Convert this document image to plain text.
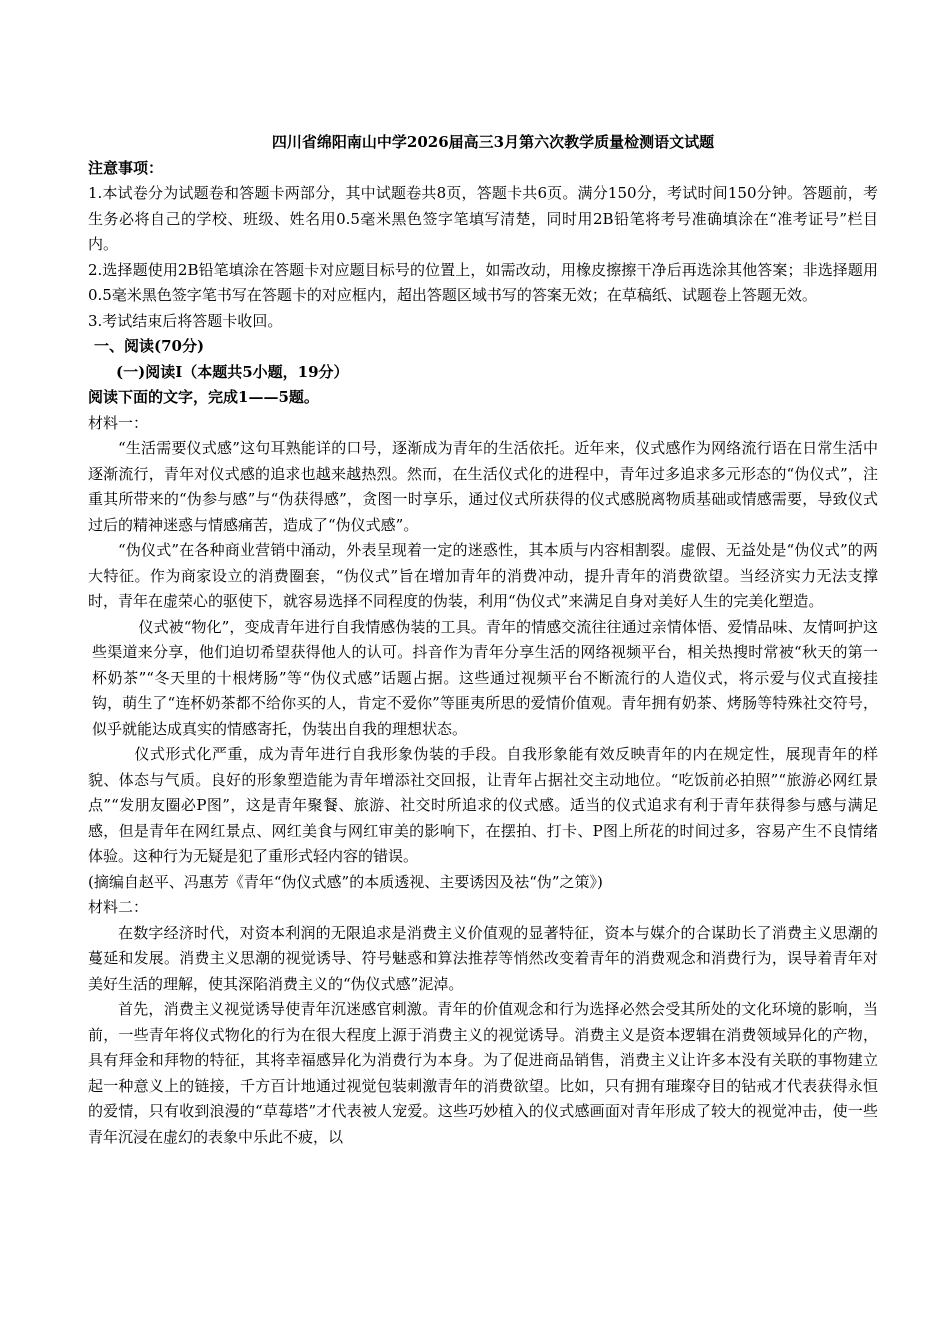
四川省绵阳南山中学2026届高三3月第六次教学质量检测语文试题

注意事项：

1.本试卷分为试题卷和答题卡两部分，其中试题卷共8页，答题卡共6页。满分150分，考试时间150分钟。答题前，考生务必将自己的学校、班级、姓名用0.5毫米黑色签字笔填写清楚，同时用2B铅笔将考号准确填涂在“准考证号”栏目内。

2.选择题使用2B铅笔填涂在答题卡对应题目标号的位置上，如需改动，用橡皮擦擦干净后再选涂其他答案；非选择题用0.5毫米黑色签字笔书写在答题卡的对应框内，超出答题区域书写的答案无效；在草稿纸、试题卷上答题无效。

3.考试结束后将答题卡收回。

一、阅读(70分)

(一)阅读Ⅰ（本题共5小题，19分）

阅读下面的文字，完成1——5题。

材料一：

“生活需要仪式感”这句耳熟能详的口号，逐渐成为青年的生活依托。近年来，仪式感作为网络流行语在日常生活中逐渐流行，青年对仪式感的追求也越来越热烈。然而，在生活仪式化的进程中，青年过多追求多元形态的“伪仪式”，注重其所带来的“伪参与感”与“伪获得感”，贪图一时享乐，通过仪式所获得的仪式感脱离物质基础或情感需要，导致仪式过后的精神迷惑与情感痛苦，造成了“伪仪式感”。

“伪仪式”在各种商业营销中涌动，外表呈现着一定的迷惑性，其本质与内容相割裂。虚假、无益处是“伪仪式”的两大特征。作为商家设立的消费圈套，“伪仪式”旨在增加青年的消费冲动，提升青年的消费欲望。当经济实力无法支撑时，青年在虚荣心的驱使下，就容易选择不同程度的伪装，利用“伪仪式”来满足自身对美好人生的完美化塑造。

仪式被“物化”，变成青年进行自我情感伪装的工具。青年的情感交流往往通过亲情体悟、爱情品味、友情呵护这些渠道来分享，他们迫切希望获得他人的认可。抖音作为青年分享生活的网络视频平台，相关热搜时常被“秋天的第一杯奶茶”“冬天里的十根烤肠”等“伪仪式感”话题占据。这些通过视频平台不断流行的人造仪式，将示爱与仪式直接挂钩，萌生了“连杯奶茶都不给你买的人，肯定不爱你”等匪夷所思的爱情价值观。青年拥有奶茶、烤肠等特殊社交符号，似乎就能达成真实的情感寄托，伪装出自我的理想状态。

仪式形式化严重，成为青年进行自我形象伪装的手段。自我形象能有效反映青年的内在规定性，展现青年的样貌、体态与气质。良好的形象塑造能为青年增添社交回报，让青年占据社交主动地位。“吃饭前必拍照”“旅游必网红景点”“发朋友圈必P图”，这是青年聚餐、旅游、社交时所追求的仪式感。适当的仪式追求有利于青年获得参与感与满足感，但是青年在网红景点、网红美食与网红审美的影响下，在摆拍、打卡、P图上所花的时间过多，容易产生不良情绪体验。这种行为无疑是犯了重形式轻内容的错误。

(摘编自赵平、冯惠芳《青年“伪仪式感”的本质透视、主要诱因及祛“伪”之策》)

材料二：

在数字经济时代，对资本利润的无限追求是消费主义价值观的显著特征，资本与媒介的合谋助长了消费主义思潮的蔓延和发展。消费主义思潮的视觉诱导、符号魅惑和算法推荐等悄然改变着青年的消费观念和消费行为，误导着青年对美好生活的理解，使其深陷消费主义的“伪仪式感”泥淖。

首先，消费主义视觉诱导使青年沉迷感官刺激。青年的价值观念和行为选择必然会受其所处的文化环境的影响，当前，一些青年将仪式物化的行为在很大程度上源于消费主义的视觉诱导。消费主义是资本逻辑在消费领域异化的产物，具有拜金和拜物的特征，其将幸福感异化为消费行为本身。为了促进商品销售，消费主义让许多本没有关联的事物建立起一种意义上的链接，千方百计地通过视觉包装刺激青年的消费欲望。比如，只有拥有璀璨夺目的钻戒才代表获得永恒的爱情，只有收到浪漫的“草莓塔”才代表被人宠爱。这些巧妙植入的仪式感画面对青年形成了较大的视觉冲击，使一些青年沉浸在虚幻的表象中乐此不疲，以
